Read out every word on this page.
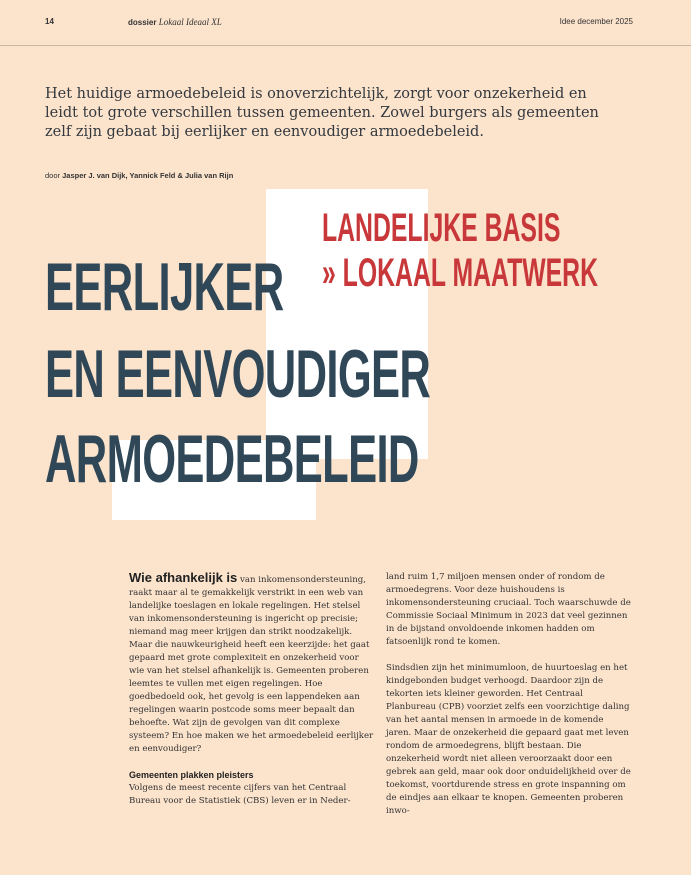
14	dossier Lokaal Ideaal XL	Idee december 2025

Het huidige armoedebeleid is onoverzichtelijk, zorgt voor onzekerheid en leidt tot grote verschillen tussen gemeenten. Zowel burgers als gemeenten zelf zijn gebaat bij eerlijker en eenvoudiger armoedebeleid.

door Jasper J. van Dijk, Yannick Feld & Julia van Rijn
LANDELIJKE BASIS
» LOKAAL MAATWERK
EERLIJKER
EN EENVOUDIGER
ARMOEDEBELEID

Wie afhankelijk is van inkomensondersteuning, raakt maar al te gemakkelijk verstrikt in een web van landelijke toeslagen en lokale regelingen. Het stelsel van inkomensondersteuning is ingericht op precisie; niemand mag meer krijgen dan strikt noodzakelijk. Maar die nauwkeurigheid heeft een keerzijde: het gaat gepaard met grote complexiteit en onzekerheid voor wie van het stelsel afhankelijk is. Gemeenten proberen leemtes te vullen met eigen regelingen. Hoe goedbedoeld ook, het gevolg is een lappendeken aan regelingen waarin postcode soms meer bepaalt dan behoefte. Wat zijn de gevolgen van dit complexe systeem? En hoe maken we het armoedebeleid eerlijker en eenvoudiger?

Gemeenten plakken pleisters

Volgens de meest recente cijfers van het Centraal Bureau voor de Statistiek (CBS) leven er in Neder-

land ruim 1,7 miljoen mensen onder of rondom de armoedegrens. Voor deze huishoudens is inkomensondersteuning cruciaal. Toch waarschuwde de Commissie Sociaal Minimum in 2023 dat veel gezinnen in de bijstand onvoldoende inkomen hadden om fatsoenlijk rond te komen.

Sindsdien zijn het minimumloon, de huurtoeslag en het kindgebonden budget verhoogd. Daardoor zijn de tekorten iets kleiner geworden. Het Centraal Planbureau (CPB) voorziet zelfs een voorzichtige daling van het aantal mensen in armoede in de komende jaren. Maar de onzekerheid die gepaard gaat met leven rondom de armoedegrens, blijft bestaan. Die onzekerheid wordt niet alleen veroorzaakt door een gebrek aan geld, maar ook door onduidelijkheid over de toekomst, voortdurende stress en grote inspanning om de eindjes aan elkaar te knopen. Gemeenten proberen inwo-
